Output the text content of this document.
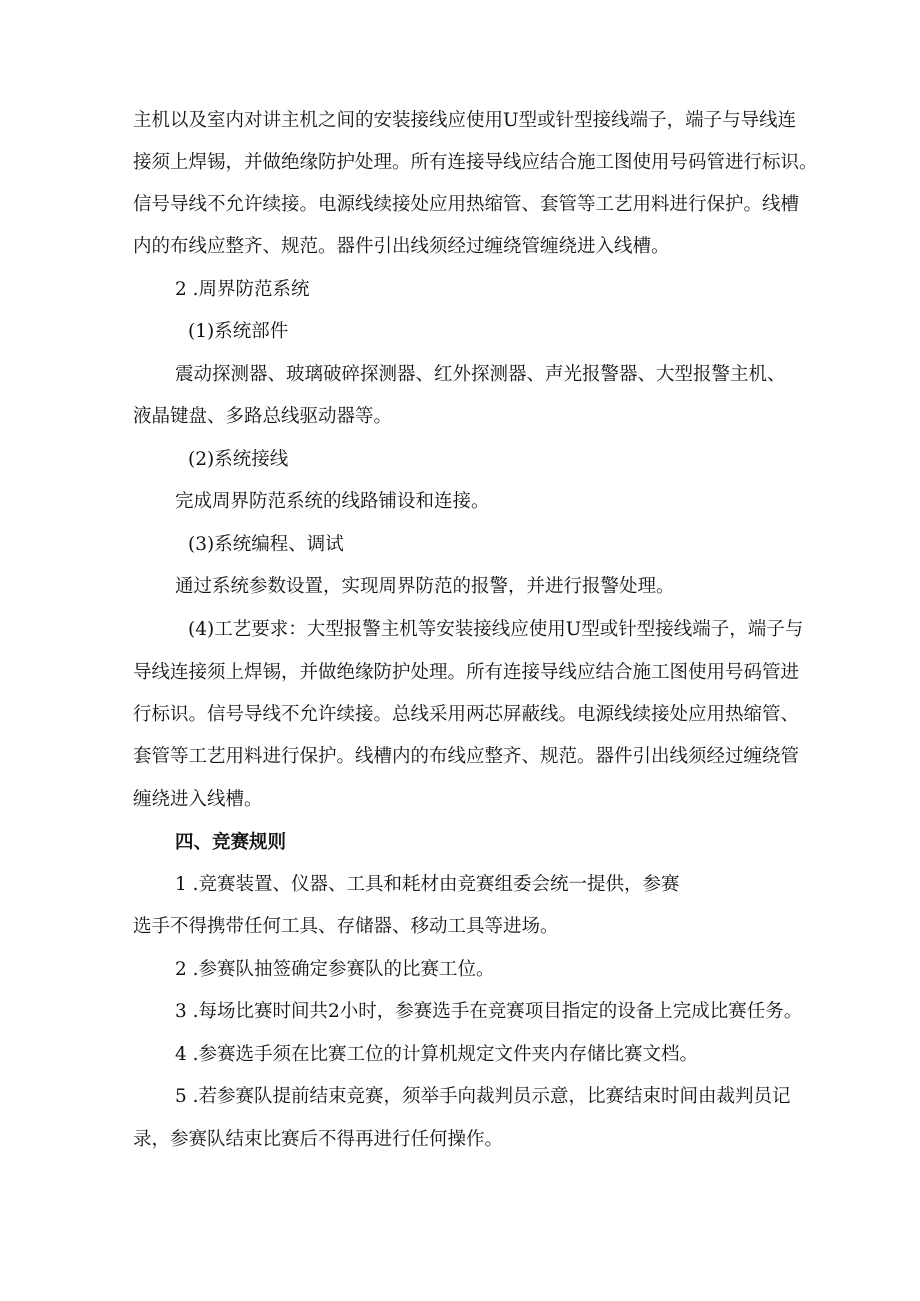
主机以及室内对讲主机之间的安装接线应使用U型或针型接线端子，端子与导线连
接须上焊锡，并做绝缘防护处理。所有连接导线应结合施工图使用号码管进行标识。
信号导线不允许续接。电源线续接处应用热缩管、套管等工艺用料进行保护。线槽
内的布线应整齐、规范。器件引出线须经过缠绕管缠绕进入线槽。
2 .周界防范系统
(1)系统部件
震动探测器、玻璃破碎探测器、红外探测器、声光报警器、大型报警主机、
液晶键盘、多路总线驱动器等。
(2)系统接线
完成周界防范系统的线路铺设和连接。
(3)系统编程、调试
通过系统参数设置，实现周界防范的报警，并进行报警处理。
(4)工艺要求：大型报警主机等安装接线应使用U型或针型接线端子，端子与
导线连接须上焊锡，并做绝缘防护处理。所有连接导线应结合施工图使用号码管进
行标识。信号导线不允许续接。总线采用两芯屏蔽线。电源线续接处应用热缩管、
套管等工艺用料进行保护。线槽内的布线应整齐、规范。器件引出线须经过缠绕管
缠绕进入线槽。
四、竞赛规则
1 .竞赛装置、仪器、工具和耗材由竞赛组委会统一提供，参赛
选手不得携带任何工具、存储器、移动工具等进场。
2 .参赛队抽签确定参赛队的比赛工位。
3 .每场比赛时间共2小时，参赛选手在竞赛项目指定的设备上完成比赛任务。
4 .参赛选手须在比赛工位的计算机规定文件夹内存储比赛文档。
5 .若参赛队提前结束竞赛，须举手向裁判员示意，比赛结束时间由裁判员记
录，参赛队结束比赛后不得再进行任何操作。
